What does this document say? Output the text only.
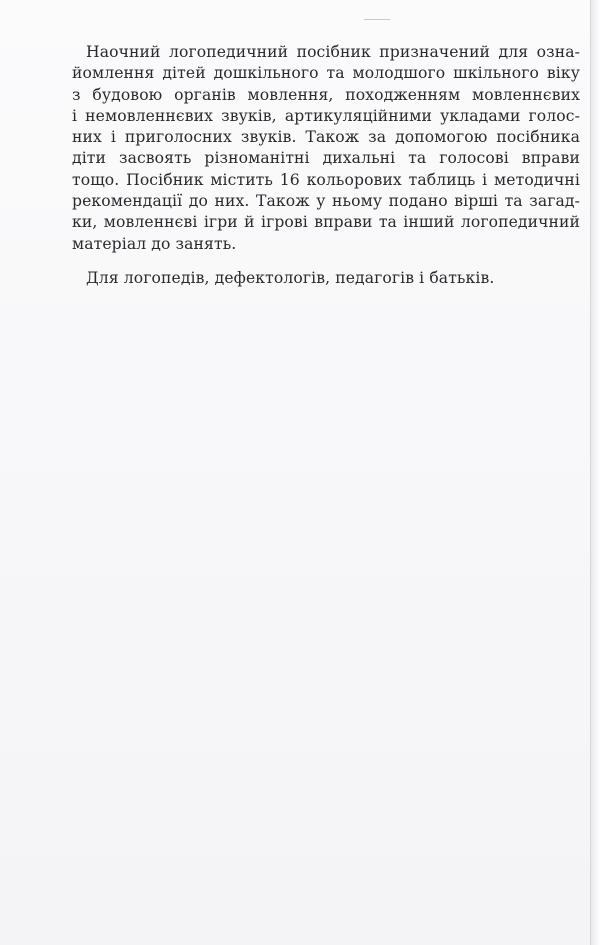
Наочний логопедичний посібник призначений для озна-
йомлення дітей дошкільного та молодшого шкільного віку
з будовою органів мовлення, походженням мовленнєвих
і немовленнєвих звуків, артикуляційними укладами голос-
них і приголосних звуків. Також за допомогою посібника
діти засвоять різноманітні дихальні та голосові вправи
тощо. Посібник містить 16 кольорових таблиць і методичні
рекомендації до них. Також у ньому подано вірші та загад-
ки, мовленнєві ігри й ігрові вправи та інший логопедичний
матеріал до занять.

Для логопедів, дефектологів, педагогів і батьків.
